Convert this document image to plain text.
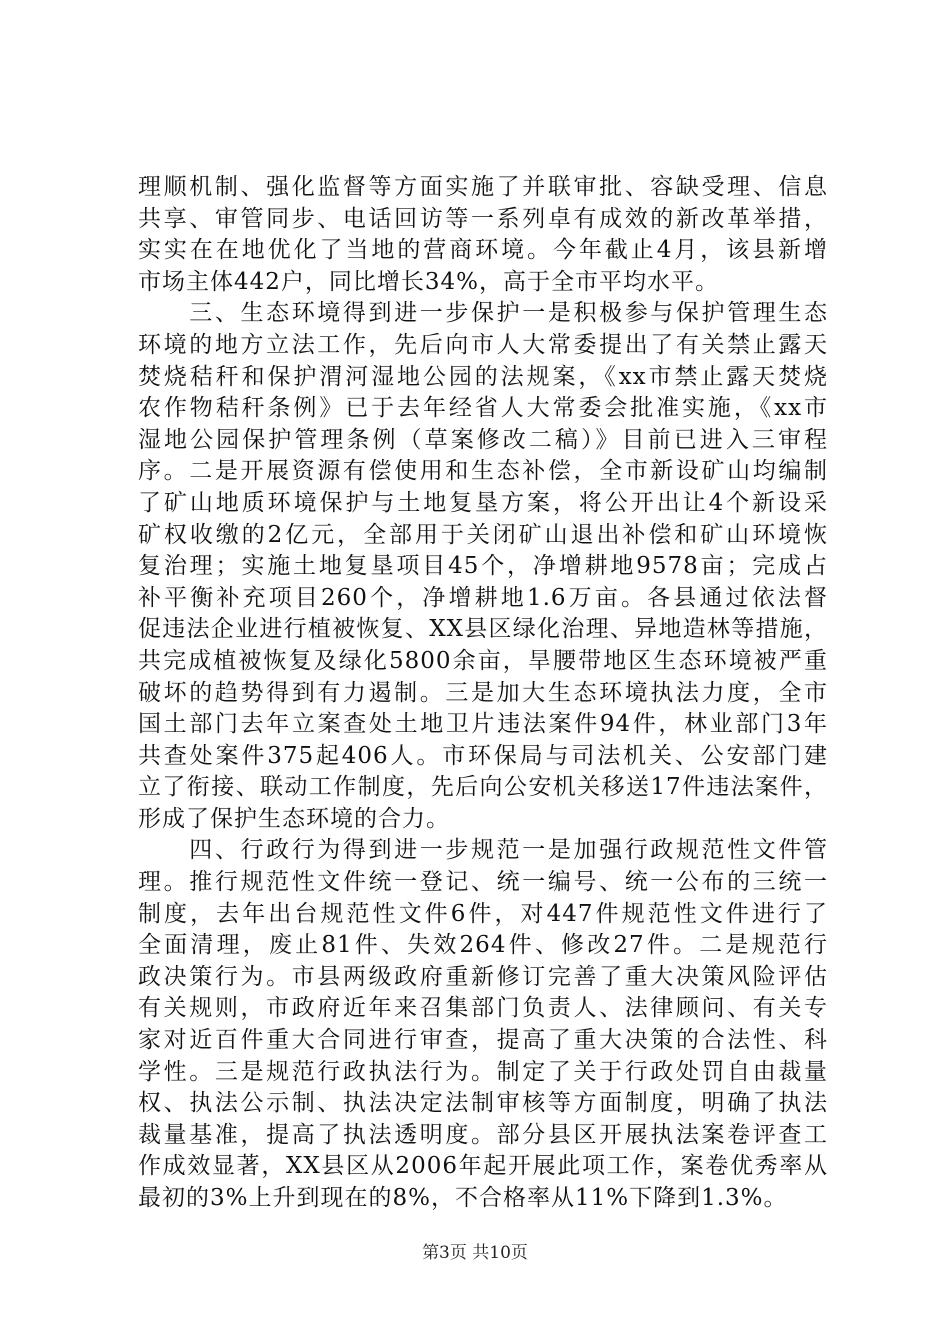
理顺机制、强化监督等方面实施了并联审批、容缺受理、信息
共享、审管同步、电话回访等一系列卓有成效的新改革举措，
实实在在地优化了当地的营商环境。今年截止4月，该县新增
市场主体442户，同比增长34%，高于全市平均水平。
　　三、生态环境得到进一步保护一是积极参与保护管理生态
环境的地方立法工作，先后向市人大常委提出了有关禁止露天
焚烧秸秆和保护渭河湿地公园的法规案，《xx市禁止露天焚烧
农作物秸秆条例》已于去年经省人大常委会批准实施，《xx市
湿地公园保护管理条例（草案修改二稿）》目前已进入三审程
序。二是开展资源有偿使用和生态补偿，全市新设矿山均编制
了矿山地质环境保护与土地复垦方案，将公开出让4个新设采
矿权收缴的2亿元，全部用于关闭矿山退出补偿和矿山环境恢
复治理；实施土地复垦项目45个，净增耕地9578亩；完成占
补平衡补充项目260个，净增耕地1.6万亩。各县通过依法督
促违法企业进行植被恢复、XX县区绿化治理、异地造林等措施，
共完成植被恢复及绿化5800余亩，旱腰带地区生态环境被严重
破坏的趋势得到有力遏制。三是加大生态环境执法力度，全市
国土部门去年立案查处土地卫片违法案件94件，林业部门3年
共查处案件375起406人。市环保局与司法机关、公安部门建
立了衔接、联动工作制度，先后向公安机关移送17件违法案件，
形成了保护生态环境的合力。
　　四、行政行为得到进一步规范一是加强行政规范性文件管
理。推行规范性文件统一登记、统一编号、统一公布的三统一
制度，去年出台规范性文件6件，对447件规范性文件进行了
全面清理，废止81件、失效264件、修改27件。二是规范行
政决策行为。市县两级政府重新修订完善了重大决策风险评估
有关规则，市政府近年来召集部门负责人、法律顾问、有关专
家对近百件重大合同进行审查，提高了重大决策的合法性、科
学性。三是规范行政执法行为。制定了关于行政处罚自由裁量
权、执法公示制、执法决定法制审核等方面制度，明确了执法
裁量基准，提高了执法透明度。部分县区开展执法案卷评查工
作成效显著，XX县区从2006年起开展此项工作，案卷优秀率从
最初的3%上升到现在的8%，不合格率从11%下降到1.3%。
第3页 共10页
